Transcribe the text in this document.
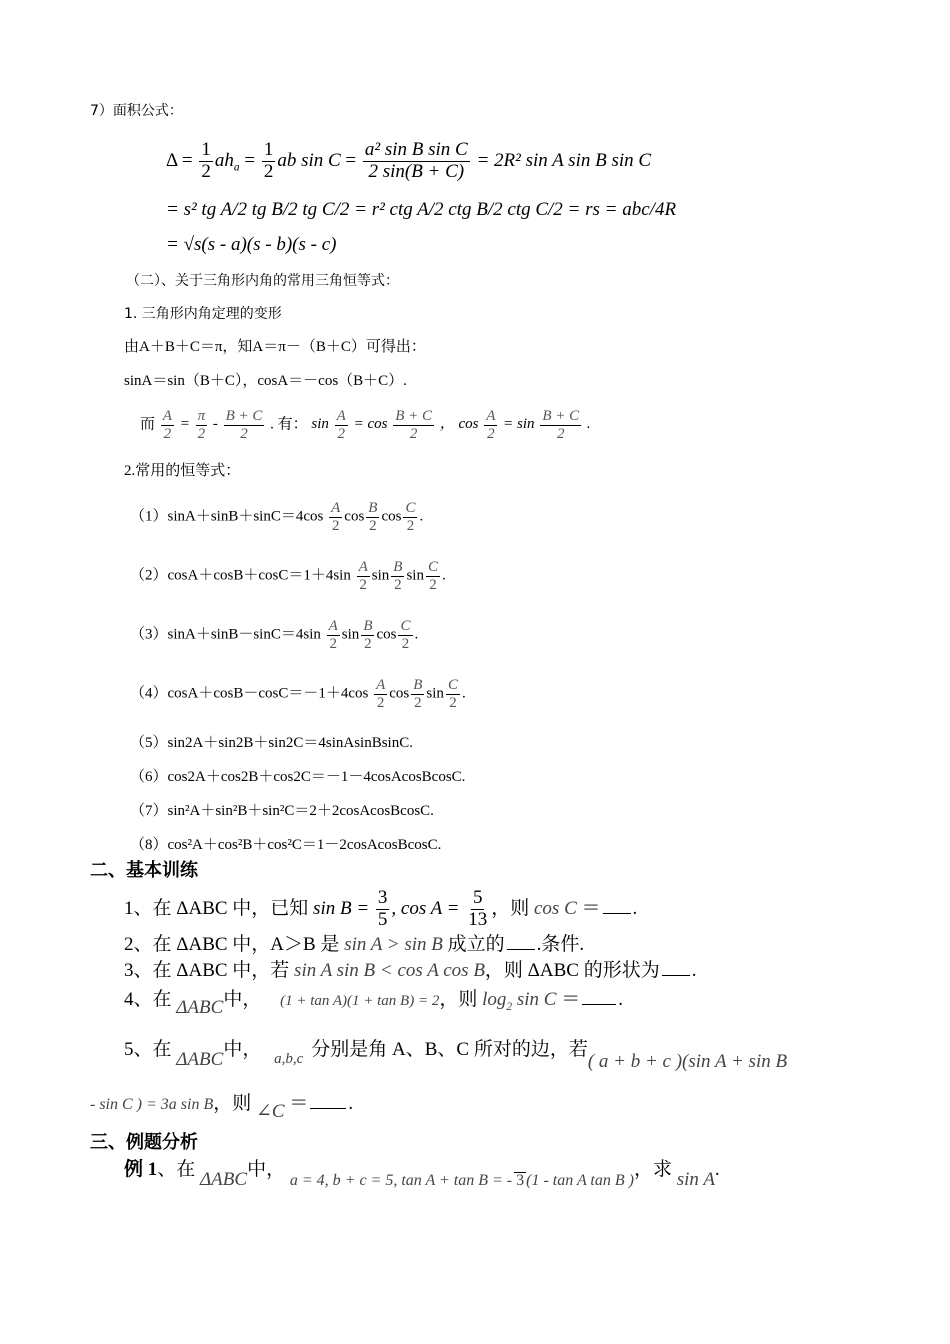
7）面积公式：
$\Delta = \frac{1}{2} ah_a = \frac{1}{2}$ ab $\sin C = \frac{\text{a² sin B sin C}}{2 \sin(B + C)} = 2R^2$ sin A sin B sin C
= s² tg A/2 tg B/2 tg C/2 = r² ctg A/2 ctg B/2 ctg C/2 = rs = abc/4R
= √s(s - a)(s - b)(s - c)
（二）、关于三角形内角的常用三角恒等式：
1. 三角形内角定理的变形
由A＋B＋C＝π，知A＝π－（B＋C）可得出：
sinA＝sin（B＋C），cosA＝－cos（B＋C）.
而 $\frac{A}{2} = \frac{\pi}{2} - \frac{B + C}{2}$ . 有： $\sin \frac{A}{2} = \cos \frac{B + C}{2}$ ， $\cos \frac{A}{2} = \sin \frac{B + C}{2}$ .
2.常用的恒等式：
$(1)\sin A+\sin B+\sin C=4\cos \frac{A}{2}$ $\cos \frac{B}{2}$ $\cos \frac{C}{2}$ .
$(2)\cos A+\cos B+\cos C=1+4\sin \frac{A}{2}$ $\sin \frac{B}{2}$ $\sin \frac{C}{2}$ .
$(3)\sin A+\sin B-\sin C=4\sin \frac{A}{2}$ $\sin \frac{B}{2}$ $\cos \frac{C}{2}$ .
$(4)\cos A+\cos B-\cos C=-1+4\cos \frac{A}{2}$ $\cos \frac{B}{2}$ $\sin \frac{C}{2}$ .
（5）sin2A＋sin2B＋sin2C＝4sinAsinBsinC.
（6）cos2A＋cos2B＋cos2C＝－1－4cosAcosBcosC.
（7）sin²A＋sin²B＋sin²C＝2＋2cosAcosBcosC.
（8）cos²A＋cos²B＋cos²C＝1－2cosAcosBcosC.
二、基本训练
1、在 ΔABC 中，已知 $\sin B = \frac{3}{5}$ , $\cos A = \frac{5}{13}$ ，则 cos C ＝ .
2、在 ΔABC 中，A＞B 是 sin A > sin B 成立的 .条件.
3、在 ΔABC 中，若 sin A sin B < cos A cos B，则 ΔABC 的形状为 .
4、在 ΔABC中， (1 + tan A)(1 + tan B) = 2，则 $\log_2 \sin C$ ＝ .
5、在 ΔABC中， $_{a,b,c}$ 分别是角 A、B、C 所对的边，若( a + b + c )(sin A + sin B
- sin C ) = 3a sin B，则 ∠C ＝ .
三、例题分析
例 1、在 ΔABC中， $_{a = 4, b + c = 5, tan A + tan B = - 3 (1 - tan A tan B )}$，求 sin A.
